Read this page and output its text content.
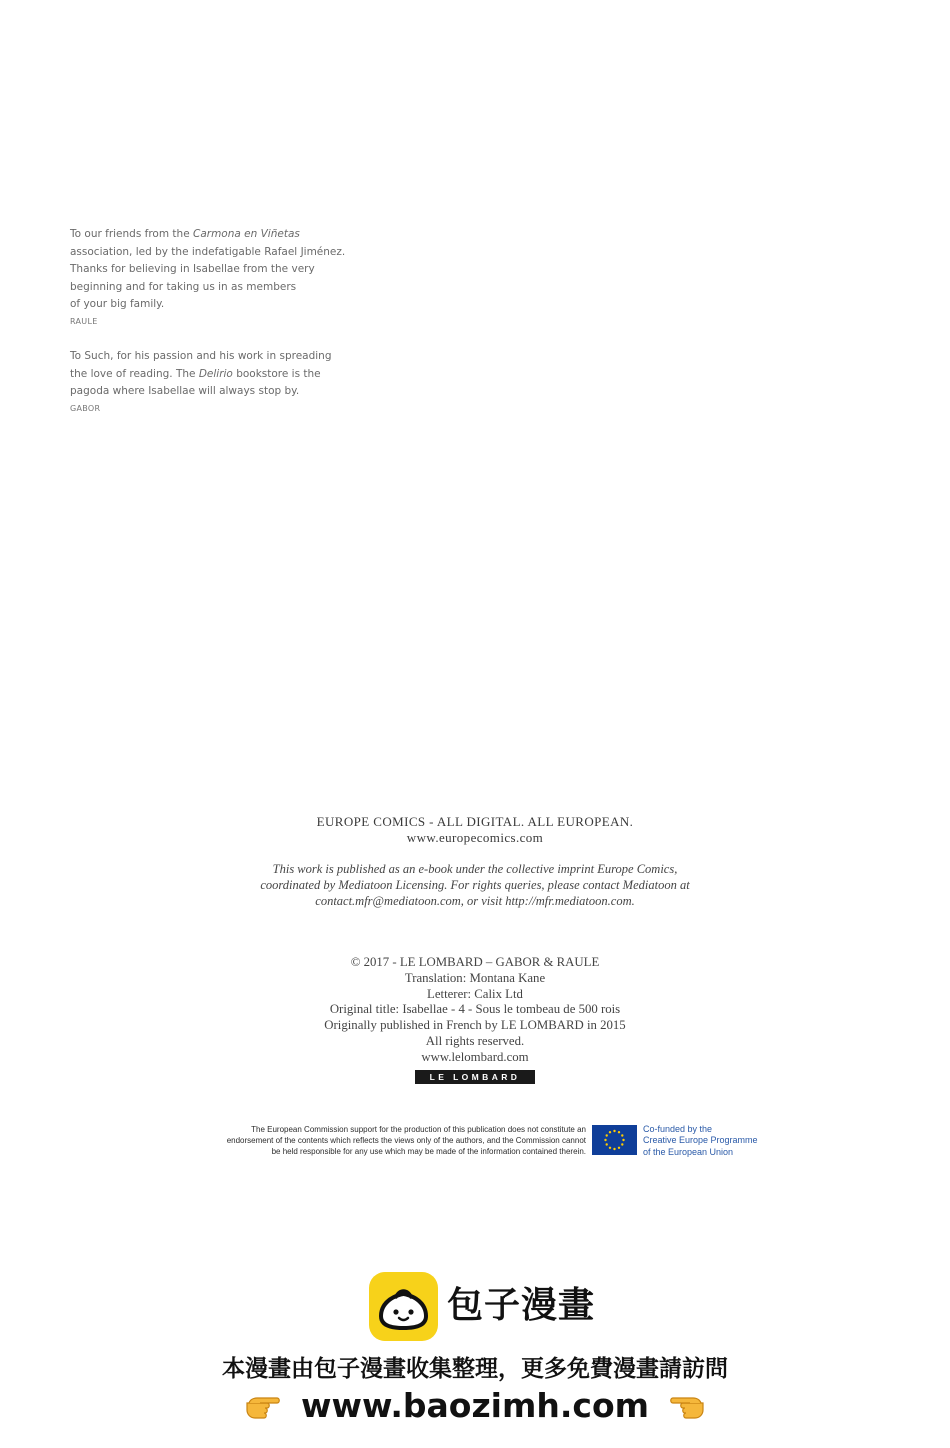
To our friends from the Carmona en Viñetas
association, led by the indefatigable Rafael Jiménez.
Thanks for believing in Isabellae from the very
beginning and for taking us in as members
of your big family.
RAULE
To Such, for his passion and his work in spreading
the love of reading. The Delirio bookstore is the
pagoda where Isabellae will always stop by.
GABOR
EUROPE COMICS - ALL DIGITAL. ALL EUROPEAN.
www.europecomics.com
This work is published as an e-book under the collective imprint Europe Comics,
coordinated by Mediatoon Licensing. For rights queries, please contact Mediatoon at
contact.mfr@mediatoon.com, or visit http://mfr.mediatoon.com.
© 2017 - LE LOMBARD – GABOR & RAULE
Translation: Montana Kane
Letterer: Calix Ltd
Original title: Isabellae - 4 - Sous le tombeau de 500 rois
Originally published in French by LE LOMBARD in 2015
All rights reserved.
www.lelombard.com
LE LOMBARD
The European Commission support for the production of this publication does not constitute an
endorsement of the contents which reflects the views only of the authors, and the Commission cannot
be held responsible for any use which may be made of the information contained therein.
Co-funded by the
Creative Europe Programme
of the European Union
包子漫畫
本漫畫由包子漫畫收集整理，更多免費漫畫請訪問
www.baozimh.com
